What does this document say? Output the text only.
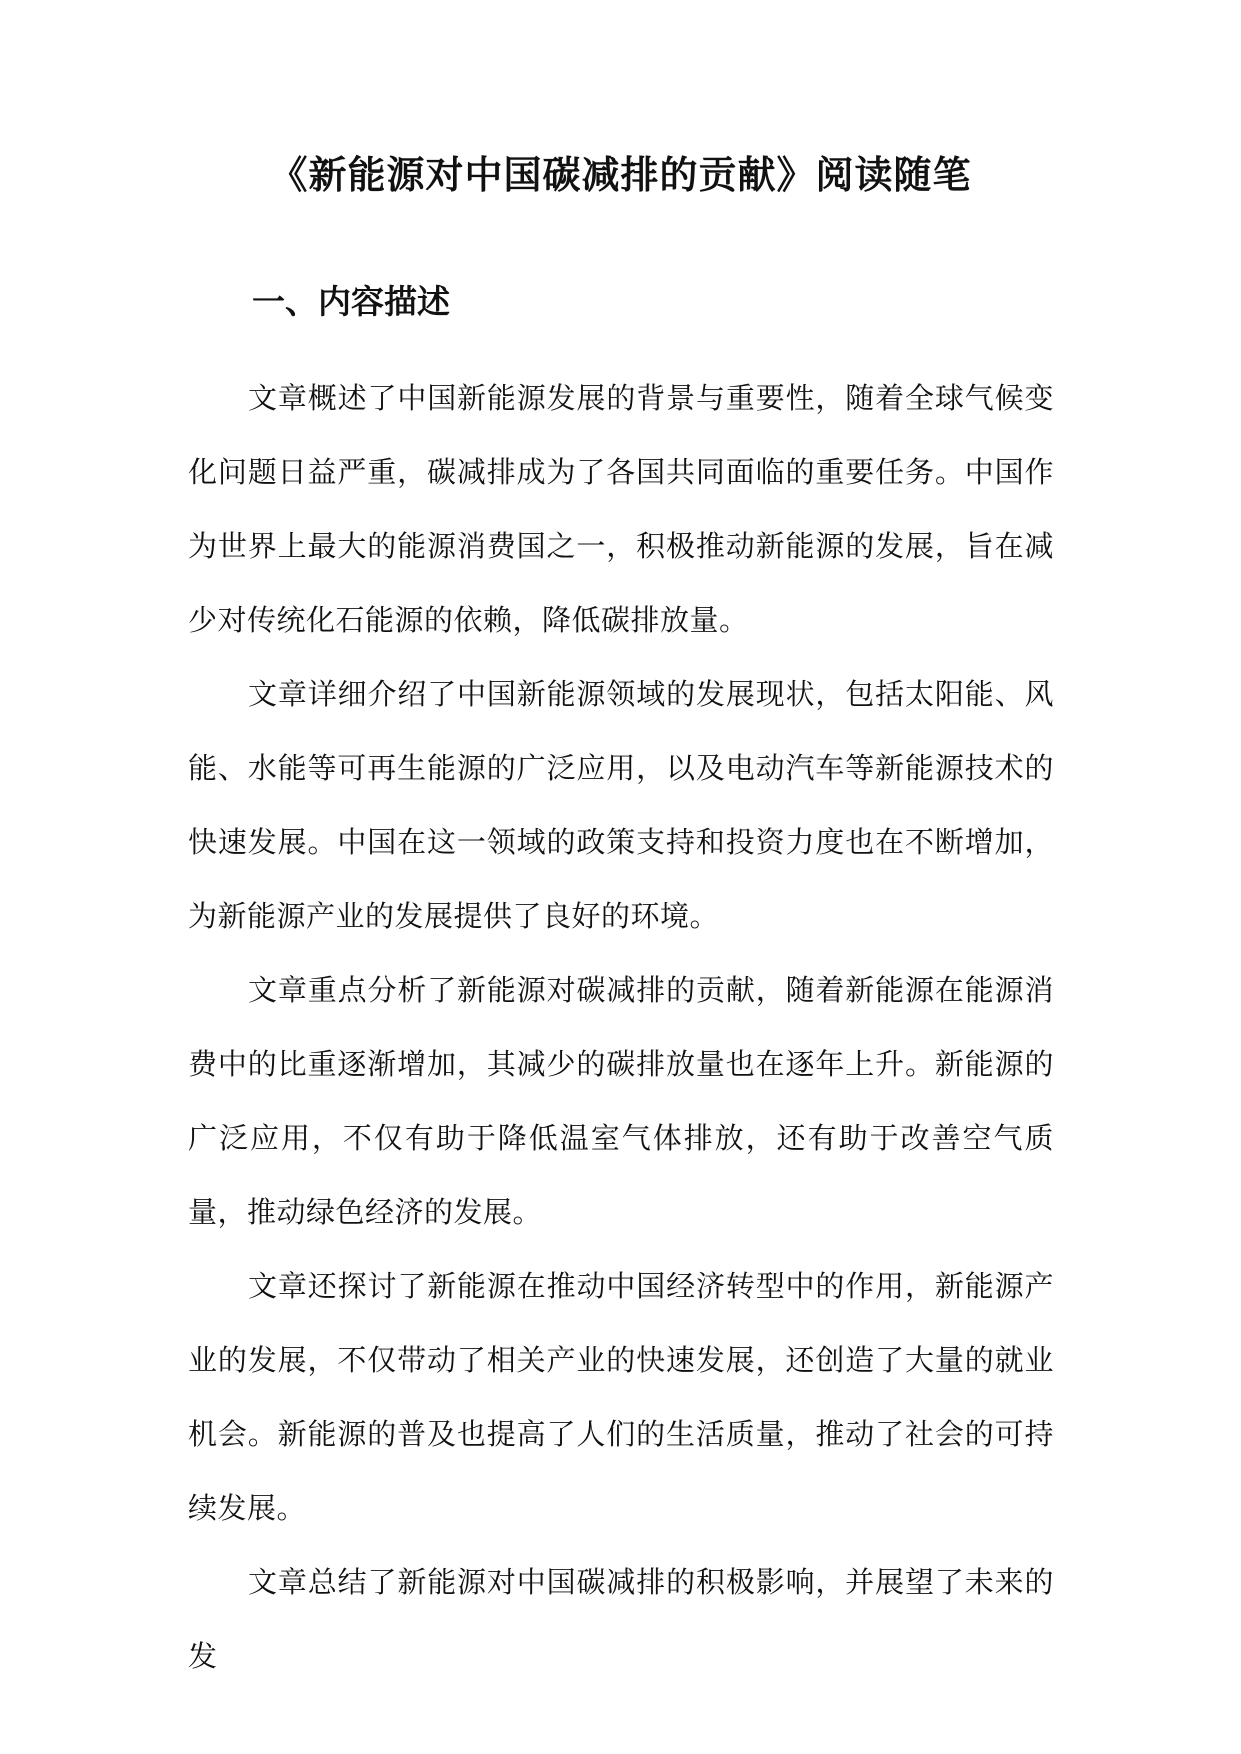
《新能源对中国碳减排的贡献》阅读随笔
一、内容描述

文章概述了中国新能源发展的背景与重要性，随着全球气候变化问题日益严重，碳减排成为了各国共同面临的重要任务。中国作为世界上最大的能源消费国之一，积极推动新能源的发展，旨在减少对传统化石能源的依赖，降低碳排放量。

文章详细介绍了中国新能源领域的发展现状，包括太阳能、风能、水能等可再生能源的广泛应用，以及电动汽车等新能源技术的快速发展。中国在这一领域的政策支持和投资力度也在不断增加，为新能源产业的发展提供了良好的环境。

文章重点分析了新能源对碳减排的贡献，随着新能源在能源消费中的比重逐渐增加，其减少的碳排放量也在逐年上升。新能源的广泛应用，不仅有助于降低温室气体排放，还有助于改善空气质量，推动绿色经济的发展。

文章还探讨了新能源在推动中国经济转型中的作用，新能源产业的发展，不仅带动了相关产业的快速发展，还创造了大量的就业机会。新能源的普及也提高了人们的生活质量，推动了社会的可持续发展。

文章总结了新能源对中国碳减排的积极影响，并展望了未来的发
